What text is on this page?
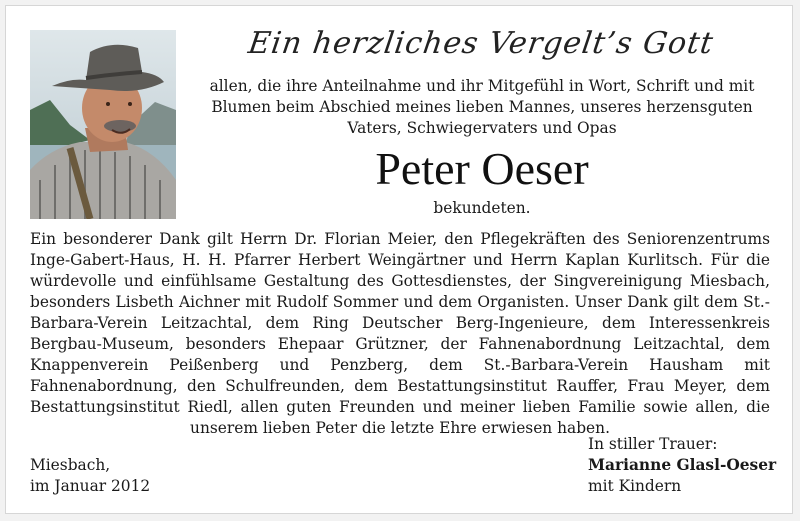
Ein herzliches Vergelt’s Gott
allen, die ihre Anteilnahme und ihr Mitgefühl in Wort, Schrift und mit Blumen beim Abschied meines lieben Mannes, unseres herzensguten Vaters, Schwiegervaters und Opas
Peter Oeser
bekundeten.
Ein besonderer Dank gilt Herrn Dr. Florian Meier, den Pflegekräften des Seniorenzentrums Inge-Gabert-Haus, H. H. Pfarrer Herbert Weingärtner und Herrn Kaplan Kurlitsch. Für die würdevolle und einfühlsame Gestaltung des Gottesdienstes, der Singvereinigung Miesbach, besonders Lisbeth Aichner mit Rudolf Sommer und dem Organisten. Unser Dank gilt dem St.-Barbara-Verein Leitzachtal, dem Ring Deutscher Berg-Ingenieure, dem Interessenkreis Bergbau-Museum, besonders Ehepaar Grützner, der Fahnenabordnung Leitzachtal, dem Knappenverein Peißenberg und Penzberg, dem St.-Barbara-Verein Hausham mit Fahnenabordnung, den Schulfreunden, dem Bestattungsinstitut Rauffer, Frau Meyer, dem Bestattungsinstitut Riedl, allen guten Freunden und meiner lieben Familie sowie allen, die unserem lieben Peter die letzte Ehre erwiesen haben.
Miesbach,
im Januar 2012
In stiller Trauer:
Marianne Glasl-Oeser
mit Kindern
